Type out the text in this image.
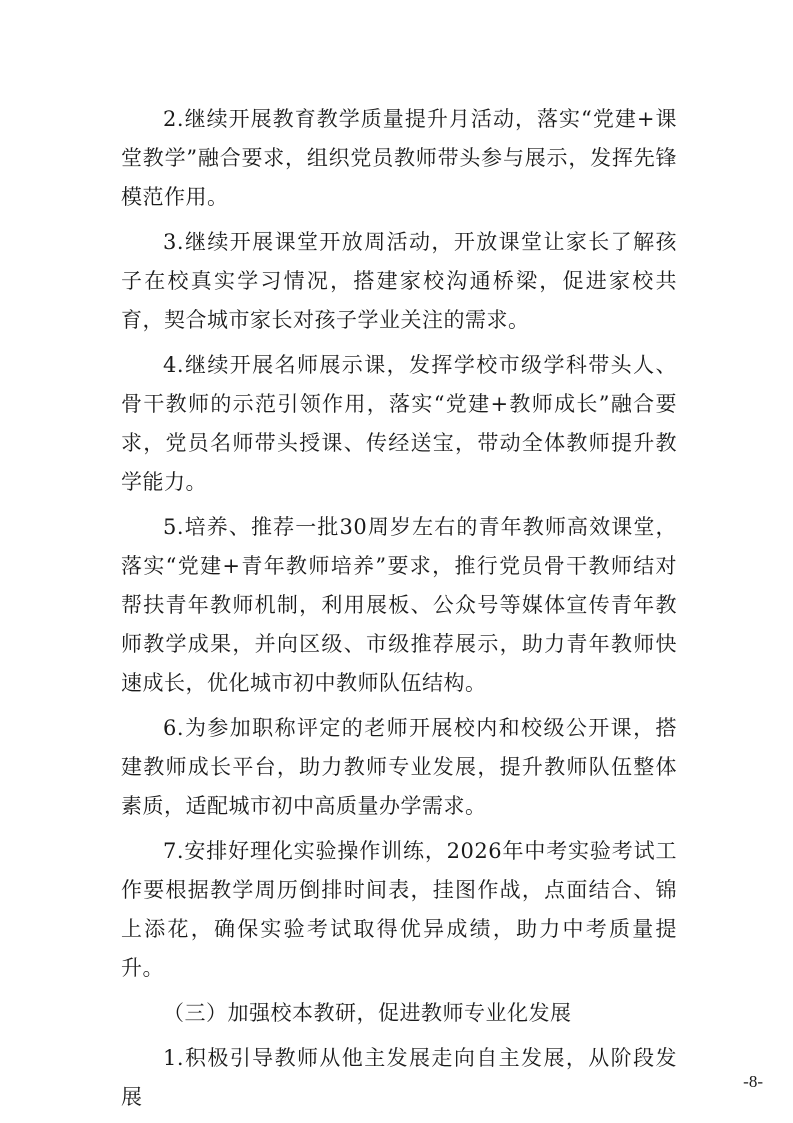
2.继续开展教育教学质量提升月活动，落实“党建+课堂教学”融合要求，组织党员教师带头参与展示，发挥先锋模范作用。

3.继续开展课堂开放周活动，开放课堂让家长了解孩子在校真实学习情况，搭建家校沟通桥梁，促进家校共育，契合城市家长对孩子学业关注的需求。

4.继续开展名师展示课，发挥学校市级学科带头人、骨干教师的示范引领作用，落实“党建+教师成长”融合要求，党员名师带头授课、传经送宝，带动全体教师提升教学能力。

5.培养、推荐一批30周岁左右的青年教师高效课堂，落实“党建+青年教师培养”要求，推行党员骨干教师结对帮扶青年教师机制，利用展板、公众号等媒体宣传青年教师教学成果，并向区级、市级推荐展示，助力青年教师快速成长，优化城市初中教师队伍结构。

6.为参加职称评定的老师开展校内和校级公开课，搭建教师成长平台，助力教师专业发展，提升教师队伍整体素质，适配城市初中高质量办学需求。

7.安排好理化实验操作训练，2026年中考实验考试工作要根据教学周历倒排时间表，挂图作战，点面结合、锦上添花，确保实验考试取得优异成绩，助力中考质量提升。

（三）加强校本教研，促进教师专业化发展

1.积极引导教师从他主发展走向自主发展，从阶段发展

-8-
